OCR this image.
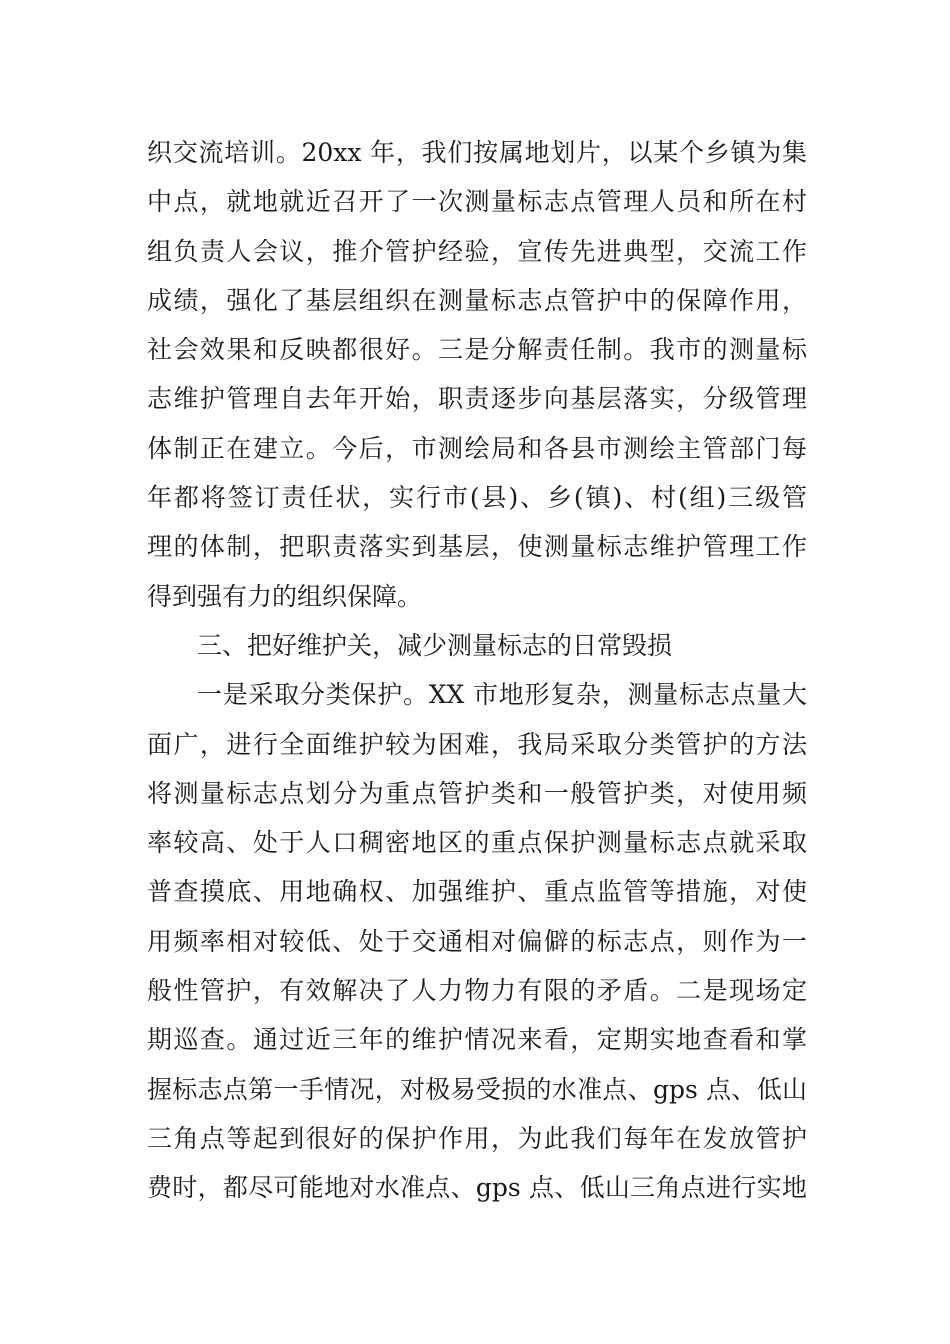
织交流培训。20xx 年，我们按属地划片，以某个乡镇为集
中点，就地就近召开了一次测量标志点管理人员和所在村
组负责人会议，推介管护经验，宣传先进典型，交流工作
成绩，强化了基层组织在测量标志点管护中的保障作用，
社会效果和反映都很好。三是分解责任制。我市的测量标
志维护管理自去年开始，职责逐步向基层落实，分级管理
体制正在建立。今后，市测绘局和各县市测绘主管部门每
年都将签订责任状，实行市(县)、乡(镇)、村(组)三级管
理的体制，把职责落实到基层，使测量标志维护管理工作
得到强有力的组织保障。
三、把好维护关，减少测量标志的日常毁损
一是采取分类保护。XX 市地形复杂，测量标志点量大
面广，进行全面维护较为困难，我局采取分类管护的方法
将测量标志点划分为重点管护类和一般管护类，对使用频
率较高、处于人口稠密地区的重点保护测量标志点就采取
普查摸底、用地确权、加强维护、重点监管等措施，对使
用频率相对较低、处于交通相对偏僻的标志点，则作为一
般性管护，有效解决了人力物力有限的矛盾。二是现场定
期巡查。通过近三年的维护情况来看，定期实地查看和掌
握标志点第一手情况，对极易受损的水准点、gps 点、低山
三角点等起到很好的保护作用，为此我们每年在发放管护
费时，都尽可能地对水准点、gps 点、低山三角点进行实地
